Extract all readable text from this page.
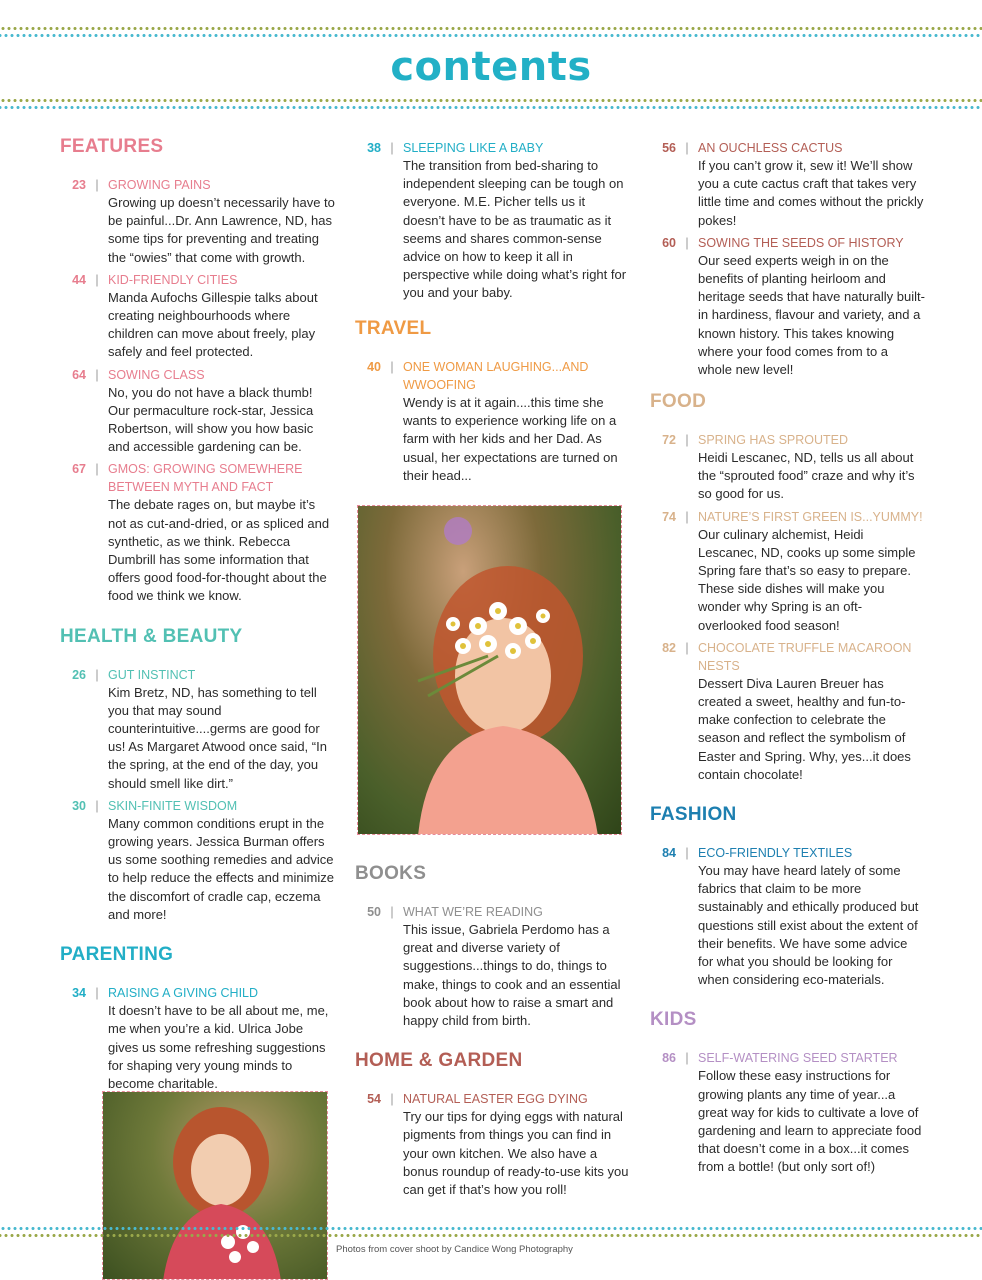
contents
FEATURES
23 | GROWING PAINS
Growing up doesn’t necessarily have to be painful...Dr. Ann Lawrence, ND, has some tips for preventing and treating the “owies” that come with growth.
44 | KID-FRIENDLY CITIES
Manda Aufochs Gillespie talks about creating neighbourhoods where children can move about freely, play safely and feel protected.
64 | SOWING CLASS
No, you do not have a black thumb! Our permaculture rock-star, Jessica Robertson, will show you how basic and accessible gardening can be.
67 | GMOS: GROWING SOMEWHERE BETWEEN MYTH AND FACT
The debate rages on, but maybe it’s not as cut-and-dried, or as spliced and synthetic, as we think. Rebecca Dumbrill has some information that offers good food-for-thought about the food we think we know.
HEALTH & BEAUTY
26 | GUT INSTINCT
Kim Bretz, ND, has something to tell you that may sound counterintuitive....germs are good for us! As Margaret Atwood once said, “In the spring, at the end of the day, you should smell like dirt.”
30 | SKIN-FINITE WISDOM
Many common conditions erupt in the growing years. Jessica Burman offers us some soothing remedies and advice to help reduce the effects and minimize the discomfort of cradle cap, eczema and more!
PARENTING
34 | RAISING A GIVING CHILD
It doesn’t have to be all about me, me, me when you’re a kid. Ulrica Jobe gives us some refreshing suggestions for shaping very young minds to become charitable.
38 | SLEEPING LIKE A BABY
The transition from bed-sharing to independent sleeping can be tough on everyone. M.E. Picher tells us it doesn’t have to be as traumatic as it seems and shares common-sense advice on how to keep it all in perspective while doing what’s right for you and your baby.
TRAVEL
40 | ONE WOMAN LAUGHING...AND WWOOFING
Wendy is at it again....this time she wants to experience working life on a farm with her kids and her Dad. As usual, her expectations are turned on their head...
BOOKS
50 | WHAT WE’RE READING
This issue, Gabriela Perdomo has a great and diverse variety of suggestions...things to do, things to make, things to cook and an essential book about how to raise a smart and happy child from birth.
HOME & GARDEN
54 | NATURAL EASTER EGG DYING
Try our tips for dying eggs with natural pigments from things you can find in your own kitchen. We also have a bonus roundup of ready-to-use kits you can get if that’s how you roll!
56 | AN OUCHLESS CACTUS
If you can’t grow it, sew it! We’ll show you a cute cactus craft that takes very little time and comes without the prickly pokes!
60 | SOWING THE SEEDS OF HISTORY
Our seed experts weigh in on the benefits of planting heirloom and heritage seeds that have naturally built-in hardiness, flavour and variety, and a known history. This takes knowing where your food comes from to a whole new level!
FOOD
72 | SPRING HAS SPROUTED
Heidi Lescanec, ND, tells us all about the “sprouted food” craze and why it’s so good for us.
74 | NATURE’S FIRST GREEN IS...YUMMY!
Our culinary alchemist, Heidi Lescanec, ND, cooks up some simple Spring fare that’s so easy to prepare. These side dishes will make you wonder why Spring is an oft-overlooked food season!
82 | CHOCOLATE TRUFFLE MACAROON NESTS
Dessert Diva Lauren Breuer has created a sweet, healthy and fun-to-make confection to celebrate the season and reflect the symbolism of Easter and Spring. Why, yes...it does contain chocolate!
FASHION
84 | ECO-FRIENDLY TEXTILES
You may have heard lately of some fabrics that claim to be more sustainably and ethically produced but questions still exist about the extent of their benefits. We have some advice for what you should be looking for when considering eco-materials.
KIDS
86 | SELF-WATERING SEED STARTER
Follow these easy instructions for growing plants any time of year...a great way for kids to cultivate a love of gardening and learn to appreciate food that doesn’t come in a box...it comes from a bottle! (but only sort of!)
Photos from cover shoot by Candice Wong Photography
